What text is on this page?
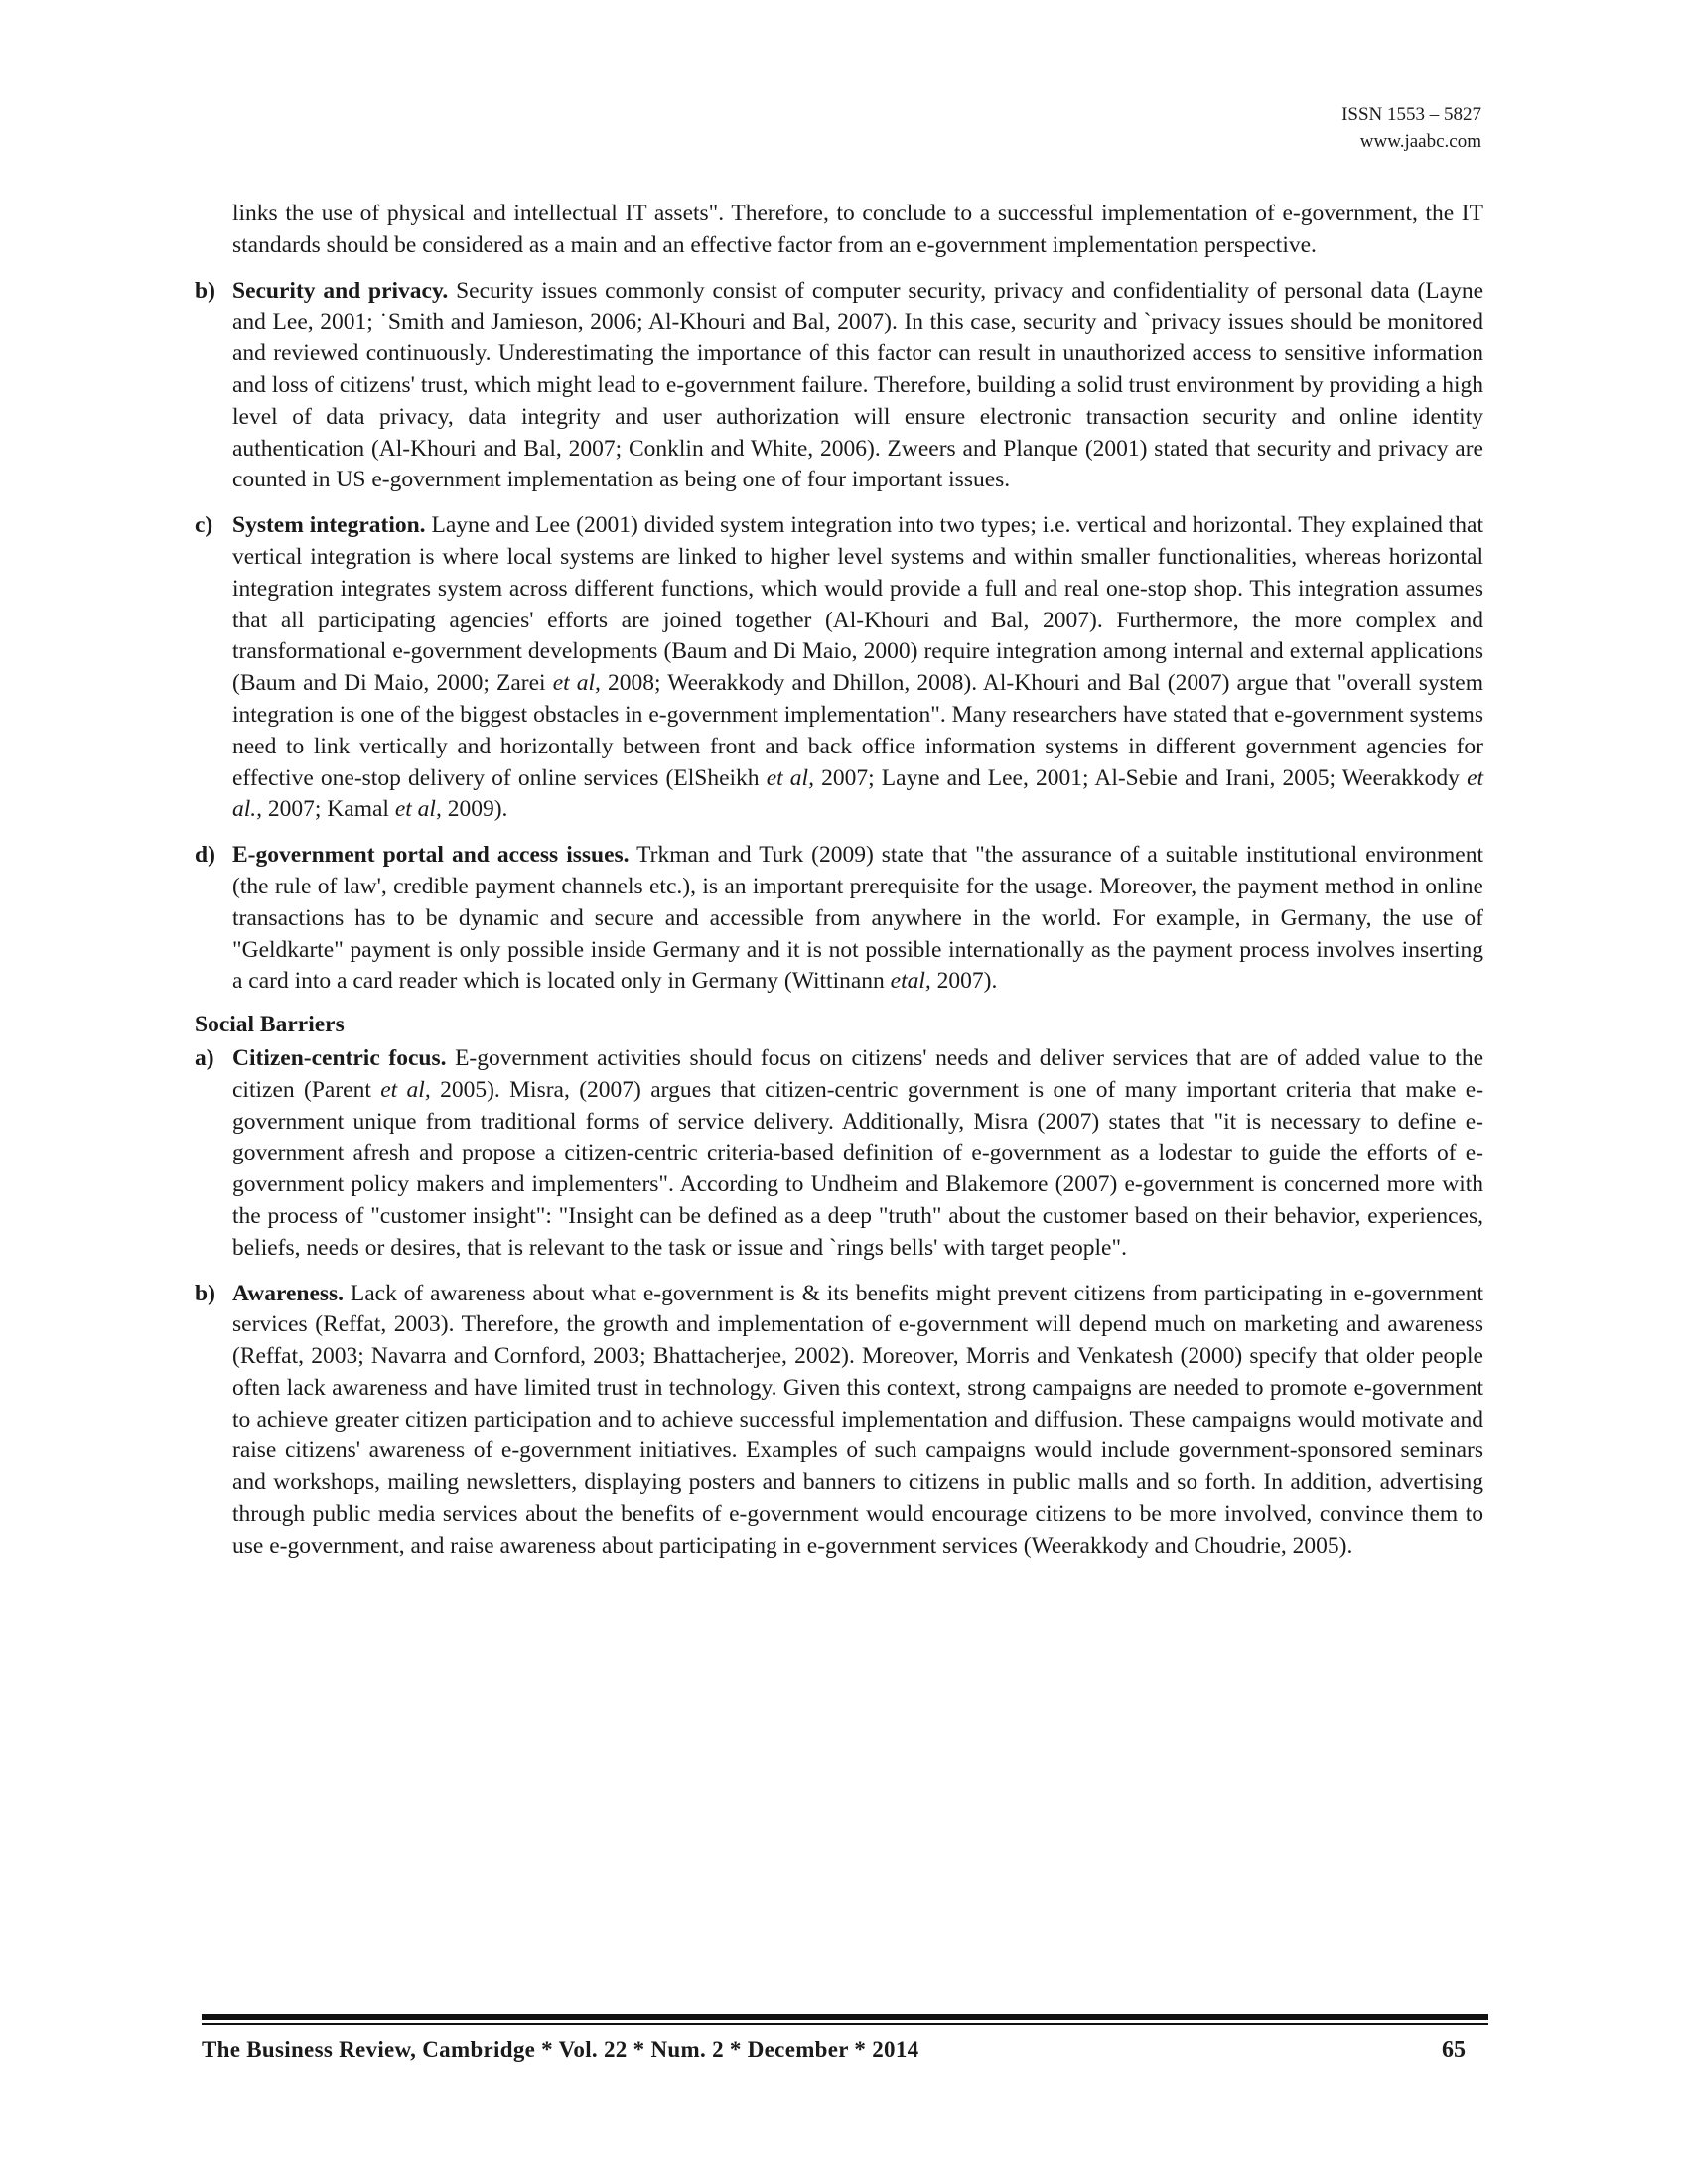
ISSN 1553 – 5827
www.jaabc.com

links the use of physical and intellectual IT assets". Therefore, to conclude to a successful implementation of e-government, the IT standards should be considered as a main and an effective factor from an e-government implementation perspective.

b) Security and privacy. Security issues commonly consist of computer security, privacy and confidentiality of personal data (Layne and Lee, 2001; ˙Smith and Jamieson, 2006; Al-Khouri and Bal, 2007). In this case, security and `privacy issues should be monitored and reviewed continuously. Underestimating the importance of this factor can result in unauthorized access to sensitive information and loss of citizens' trust, which might lead to e-government failure. Therefore, building a solid trust environment by providing a high level of data privacy, data integrity and user authorization will ensure electronic transaction security and online identity authentication (Al-Khouri and Bal, 2007; Conklin and White, 2006). Zweers and Planque (2001) stated that security and privacy are counted in US e-government implementation as being one of four important issues.

c) System integration. Layne and Lee (2001) divided system integration into two types; i.e. vertical and horizontal. They explained that vertical integration is where local systems are linked to higher level systems and within smaller functionalities, whereas horizontal integration integrates system across different functions, which would provide a full and real one-stop shop. This integration assumes that all participating agencies' efforts are joined together (Al-Khouri and Bal, 2007). Furthermore, the more complex and transformational e-government developments (Baum and Di Maio, 2000) require integration among internal and external applications (Baum and Di Maio, 2000; Zarei et al, 2008; Weerakkody and Dhillon, 2008). Al-Khouri and Bal (2007) argue that "overall system integration is one of the biggest obstacles in e-government implementation". Many researchers have stated that e-government systems need to link vertically and horizontally between front and back office information systems in different government agencies for effective one-stop delivery of online services (ElSheikh et al, 2007; Layne and Lee, 2001; Al-Sebie and Irani, 2005; Weerakkody et al., 2007; Kamal et al, 2009).

d) E-government portal and access issues. Trkman and Turk (2009) state that "the assurance of a suitable institutional environment (the rule of law', credible payment channels etc.), is an important prerequisite for the usage. Moreover, the payment method in online transactions has to be dynamic and secure and accessible from anywhere in the world. For example, in Germany, the use of "Geldkarte" payment is only possible inside Germany and it is not possible internationally as the payment process involves inserting a card into a card reader which is located only in Germany (Wittinann etal, 2007).

Social Barriers

a) Citizen-centric focus. E-government activities should focus on citizens' needs and deliver services that are of added value to the citizen (Parent et al, 2005). Misra, (2007) argues that citizen-centric government is one of many important criteria that make e-government unique from traditional forms of service delivery. Additionally, Misra (2007) states that "it is necessary to define e-government afresh and propose a citizen-centric criteria-based definition of e-government as a lodestar to guide the efforts of e-government policy makers and implementers". According to Undheim and Blakemore (2007) e-government is concerned more with the process of "customer insight": "Insight can be defined as a deep "truth" about the customer based on their behavior, experiences, beliefs, needs or desires, that is relevant to the task or issue and `rings bells' with target people".

b) Awareness. Lack of awareness about what e-government is & its benefits might prevent citizens from participating in e-government services (Reffat, 2003). Therefore, the growth and implementation of e-government will depend much on marketing and awareness (Reffat, 2003; Navarra and Cornford, 2003; Bhattacherjee, 2002). Moreover, Morris and Venkatesh (2000) specify that older people often lack awareness and have limited trust in technology. Given this context, strong campaigns are needed to promote e-government to achieve greater citizen participation and to achieve successful implementation and diffusion. These campaigns would motivate and raise citizens' awareness of e-government initiatives. Examples of such campaigns would include government-sponsored seminars and workshops, mailing newsletters, displaying posters and banners to citizens in public malls and so forth. In addition, advertising through public media services about the benefits of e-government would encourage citizens to be more involved, convince them to use e-government, and raise awareness about participating in e-government services (Weerakkody and Choudrie, 2005).

The Business Review, Cambridge * Vol. 22 * Num. 2 * December * 2014	65
